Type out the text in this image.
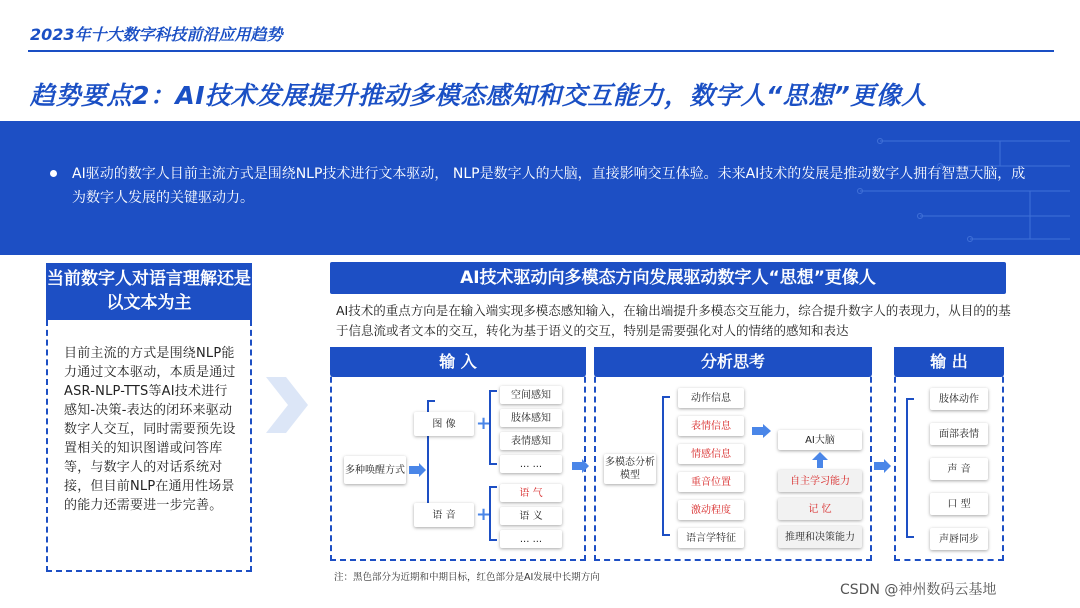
2023年十大数字科技前沿应用趋势
趋势要点2：AI技术发展提升推动多模态感知和交互能力，数字人“思想”更像人
AI驱动的数字人目前主流方式是围绕NLP技术进行文本驱动， NLP是数字人的大脑，直接影响交互体验。未来AI技术的发展是推动数字人拥有智慧大脑，成为数字人发展的关键驱动力。
当前数字人对语言理解还是以文本为主
目前主流的方式是围绕NLP能力通过文本驱动，本质是通过ASR-NLP-TTS等AI技术进行感知-决策-表达的闭环来驱动数字人交互，同时需要预先设置相关的知识图谱或问答库等，与数字人的对话系统对接，但目前NLP在通用性场景的能力还需要进一步完善。
AI技术驱动向多模态方向发展驱动数字人“思想”更像人
AI技术的重点方向是在输入端实现多模态感知输入，在输出端提升多模态交互能力，综合提升数字人的表现力，从目的的基于信息流或者文本的交互，转化为基于语义的交互，特别是需要强化对人的情绪的感知和表达
输 入
多种唤醒方式
图 像
语 音
+
+
空间感知
肢体感知
表情感知
... ...
语 气
语 义
... ...
分析思考
多模态分析模型
动作信息
表情信息
情感信息
重音位置
激动程度
语言学特征
AI大脑
自主学习能力
记 忆
推理和决策能力
输 出
肢体动作
面部表情
声 音
口 型
声唇同步
注：黑色部分为近期和中期目标，红色部分是AI发展中长期方向
CSDN @神州数码云基地
